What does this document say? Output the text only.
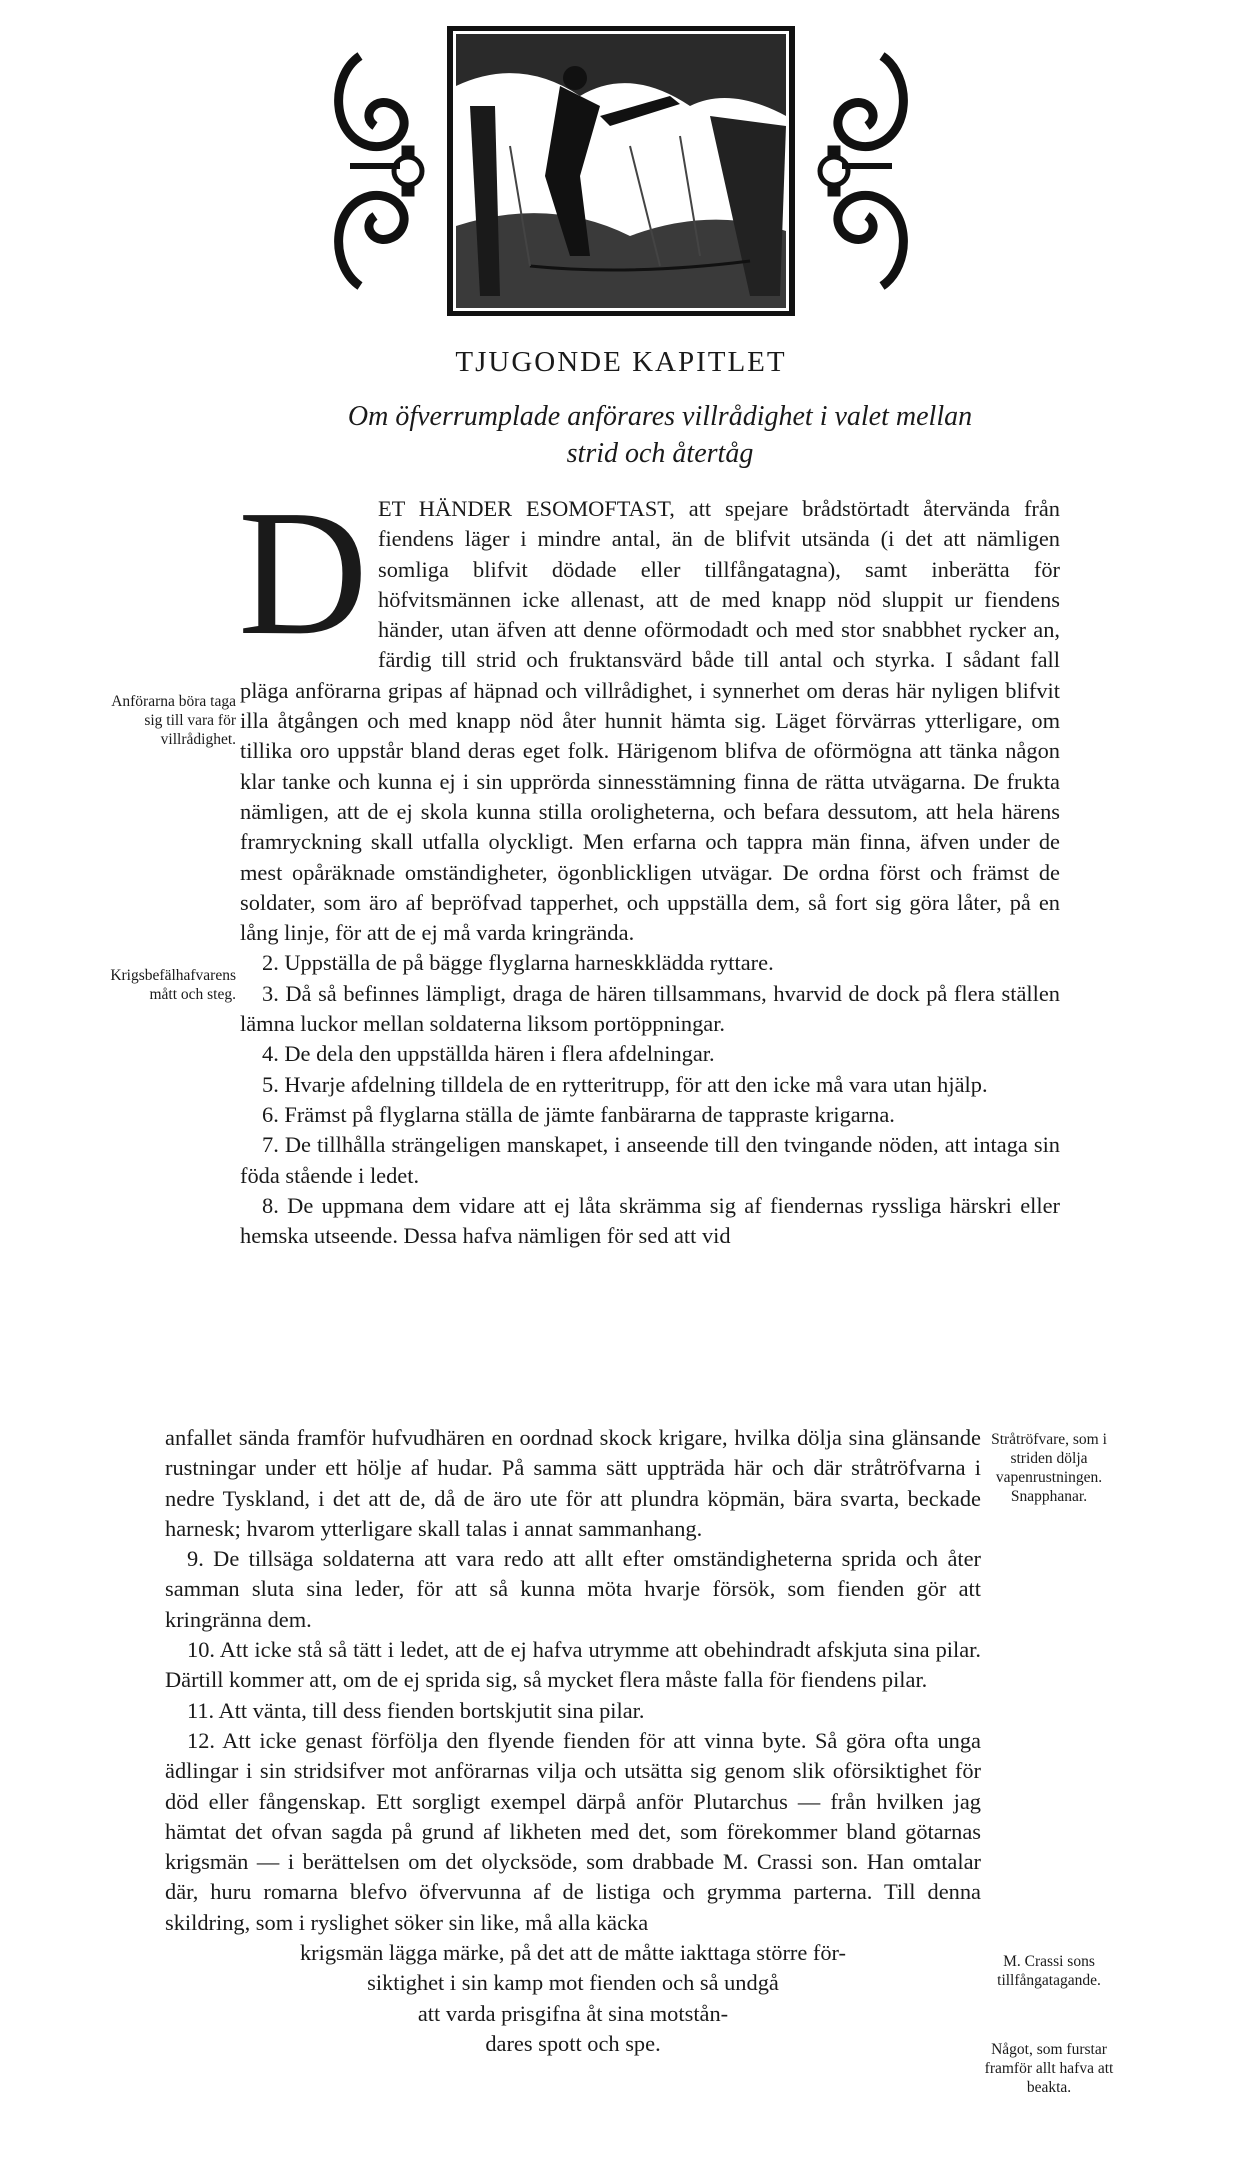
TJUGONDE KAPITLET
Om öfverrumplade anförares villrådighet i valet mellan
strid och återtåg

DET HÄNDER ESOMOFTAST, att spejare brådstörtadt återvända från fiendens läger i mindre antal, än de blifvit utsända (i det att nämligen somliga blifvit dödade eller tillfångatagna), samt inberätta för höfvitsmännen icke allenast, att de med knapp nöd sluppit ur fiendens händer, utan äfven att denne oförmodadt och med stor snabbhet rycker an, färdig till strid och fruktansvärd både till antal och styrka. I sådant fall pläga anförarna gripas af häpnad och villrådighet, i synnerhet om deras här nyligen blifvit illa åtgången och med knapp nöd åter hunnit hämta sig. Läget förvärras ytterligare, om tillika oro uppstår bland deras eget folk. Härigenom blifva de oförmögna att tänka någon klar tanke och kunna ej i sin upprörda sinnesstämning finna de rätta utvägarna. De frukta nämligen, att de ej skola kunna stilla oroligheterna, och befara dessutom, att hela härens framryckning skall utfalla olyckligt. Men erfarna och tappra män finna, äfven under de mest opåräknade omständigheter, ögonblickligen utvägar. De ordna först och främst de soldater, som äro af bepröfvad tapperhet, och uppställa dem, så fort sig göra låter, på en lång linje, för att de ej må varda kringrända.

2. Uppställa de på bägge flyglarna harneskklädda ryttare.

3. Då så befinnes lämpligt, draga de hären tillsammans, hvarvid de dock på flera ställen lämna luckor mellan soldaterna liksom portöppningar.

4. De dela den uppställda hären i flera afdelningar.

5. Hvarje afdelning tilldela de en rytteritrupp, för att den icke må vara utan hjälp.

6. Främst på flyglarna ställa de jämte fanbärarna de tappraste krigarna.

7. De tillhålla strängeligen manskapet, i anseende till den tvingande nöden, att intaga sin föda stående i ledet.

8. De uppmana dem vidare att ej låta skrämma sig af fiendernas ryssliga härskri eller hemska utseende. Dessa hafva nämligen för sed att vid

anfallet sända framför hufvudhären en oordnad skock krigare, hvilka dölja sina glänsande rustningar under ett hölje af hudar. På samma sätt uppträda här och där stråtröfvarna i nedre Tyskland, i det att de, då de äro ute för att plundra köpmän, bära svarta, beckade harnesk; hvarom ytterligare skall talas i annat sammanhang.

9. De tillsäga soldaterna att vara redo att allt efter omständigheterna sprida och åter samman sluta sina leder, för att så kunna möta hvarje försök, som fienden gör att kringränna dem.

10. Att icke stå så tätt i ledet, att de ej hafva utrymme att obehindradt afskjuta sina pilar. Därtill kommer att, om de ej sprida sig, så mycket flera måste falla för fiendens pilar.

11. Att vänta, till dess fienden bortskjutit sina pilar.

12. Att icke genast förfölja den flyende fienden för att vinna byte. Så göra ofta unga ädlingar i sin stridsifver mot anförarnas vilja och utsätta sig genom slik oförsiktighet för död eller fångenskap. Ett sorgligt exempel därpå anför Plutarchus — från hvilken jag hämtat det ofvan sagda på grund af likheten med det, som förekommer bland götarnas krigsmän — i berättelsen om det olycksöde, som drabbade M. Crassi son. Han omtalar där, huru romarna blefvo öfvervunna af de listiga och grymma parterna. Till denna skildring, som i ryslighet söker sin like, må alla käcka

krigsmän lägga märke, på det att de måtte iakttaga större för-
siktighet i sin kamp mot fienden och så undgå
att varda prisgifna åt sina motstån-
dares spott och spe.
Anförarna böra taga sig till vara för villrådighet.
Krigsbefälhafvarens mått och steg.
Stråtröfvare, som i striden dölja vapenrustningen. Snapphanar.
M. Crassi sons tillfångatagande.
Något, som furstar framför allt hafva att beakta.
